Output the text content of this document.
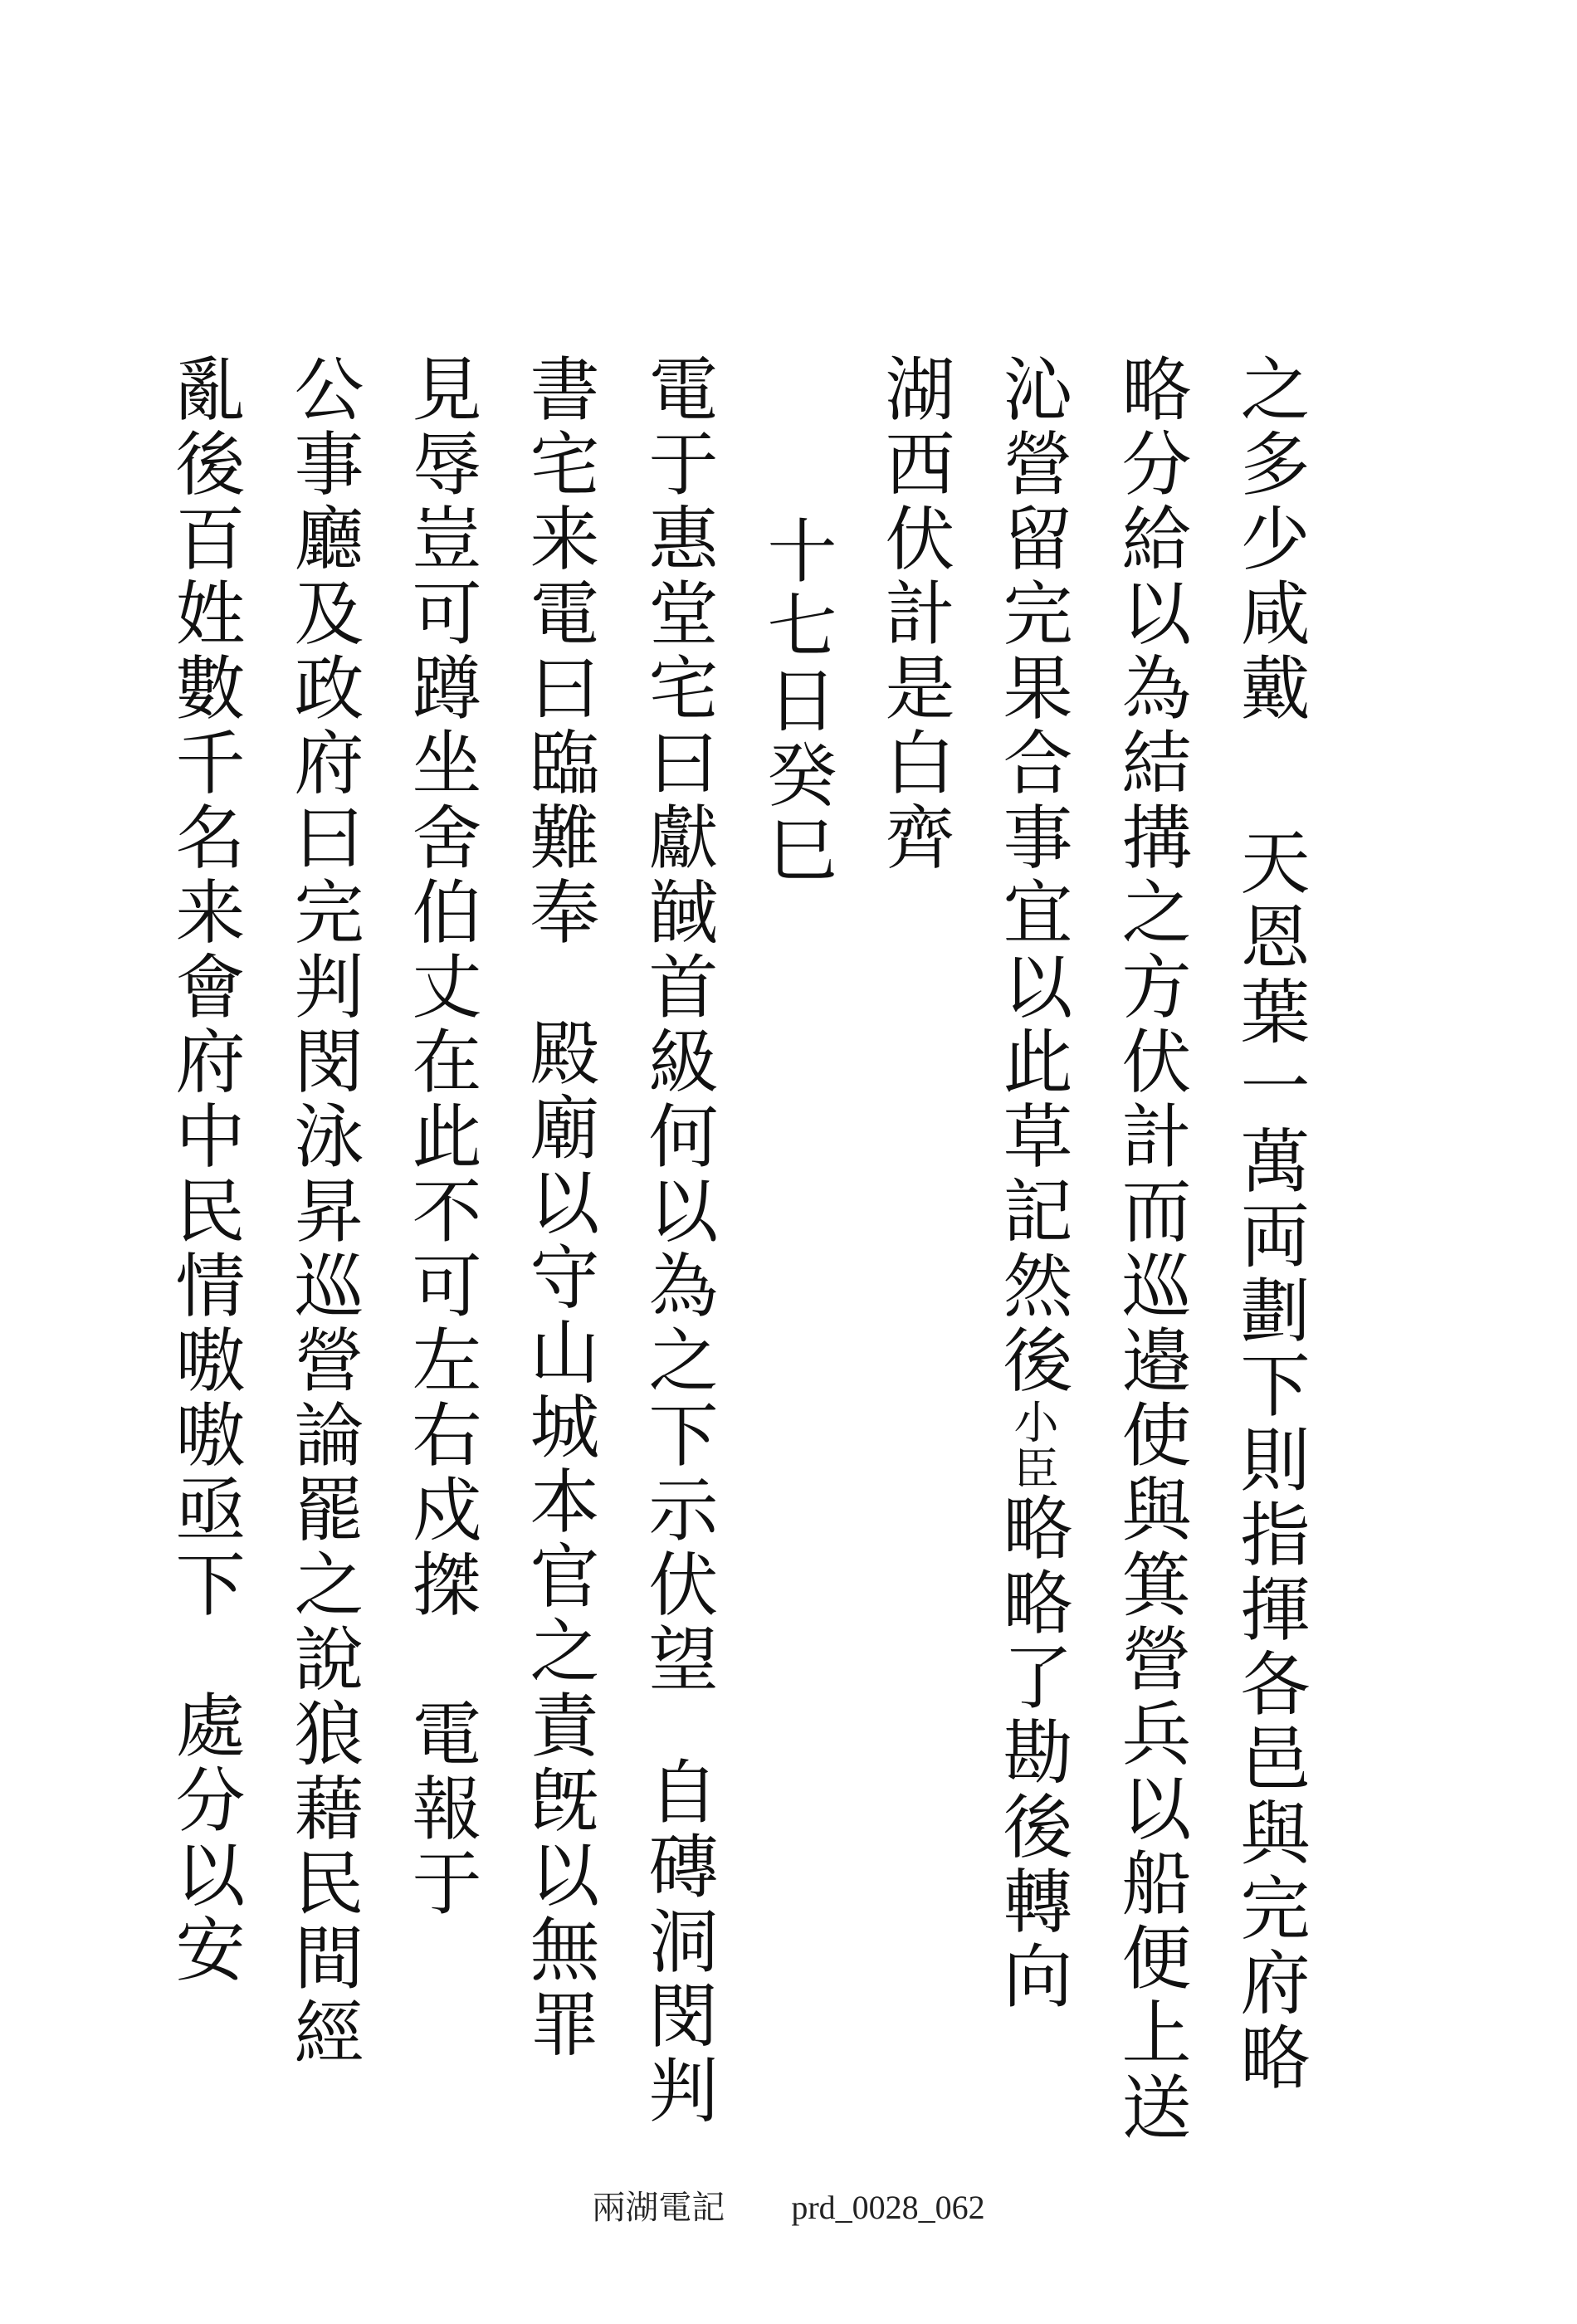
之多少咸戴天恩葉一萬両劃下則指揮各邑與完府略
略分給以為結搆之方伏計而巡邉使與箕營兵以船便上送
沁營留完果合事宜以此草記然後小臣略略了勘後轉向
湖西伏計是白齊
十七日癸巳
電于惠堂宅曰獻馘首級何以為之下示伏望自磚洞閔判
書宅来電曰臨難奉殿廟以守山城本官之責旣以無罪
見辱豈可蹲坐舍伯丈在此不可左右戍搩電報于
公事廳及政府曰完判閔泳昇巡營論罷之說狼藉民間經
亂後百姓數千名来會府中民情嗷嗷亟下處分以安
兩湖電記 prd_0028_062
